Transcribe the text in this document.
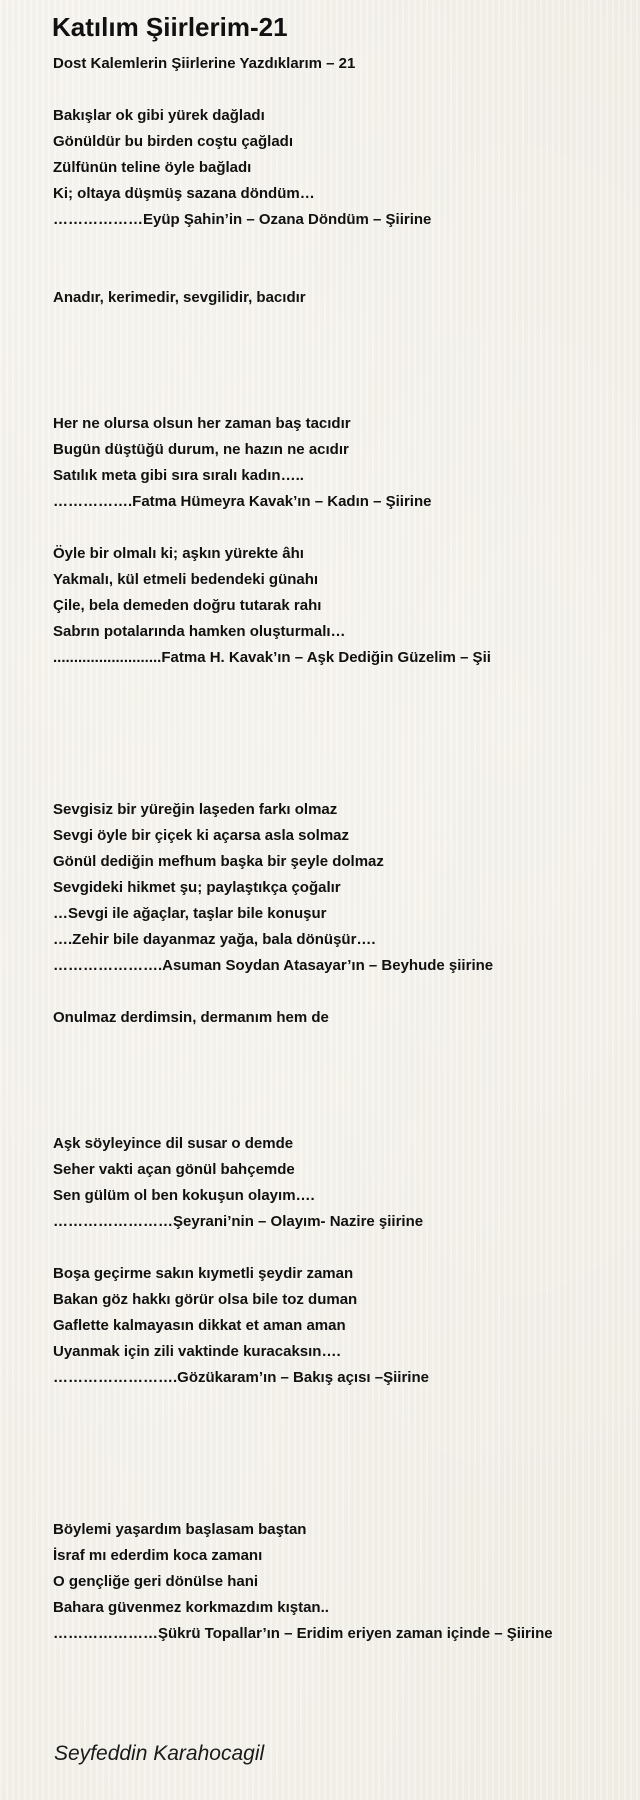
Katılım Şiirlerim-21
Dost Kalemlerin Şiirlerine Yazdıklarım – 21
Bakışlar ok gibi yürek dağladı
Gönüldür bu birden coştu çağladı
Zülfünün teline öyle bağladı
Ki; oltaya düşmüş sazana döndüm…
………………Eyüp Şahin’in – Ozana Döndüm – Şiirine
Anadır, kerimedir, sevgilidir, bacıdır
Her ne olursa olsun her zaman baş tacıdır
Bugün düştüğü durum, ne hazın ne acıdır
Satılık meta gibi sıra sıralı kadın…..
…………….Fatma Hümeyra Kavak’ın – Kadın – Şiirine
Öyle bir olmalı ki; aşkın yürekte âhı
Yakmalı, kül etmeli bedendeki günahı
Çile, bela demeden doğru tutarak rahı
Sabrın potalarında hamken oluşturmalı…
..........................Fatma H. Kavak’ın – Aşk Dediğin Güzelim – Şii
Sevgisiz bir yüreğin laşeden farkı olmaz
Sevgi öyle bir çiçek ki açarsa asla solmaz
Gönül dediğin mefhum başka bir şeyle dolmaz
Sevgideki hikmet şu; paylaştıkça çoğalır
…Sevgi ile ağaçlar, taşlar bile konuşur
….Zehir bile dayanmaz yağa, bala dönüşür….
………………….Asuman Soydan Atasayar’ın – Beyhude şiirine
Onulmaz derdimsin, dermanım hem de
Aşk söyleyince dil susar o demde
Seher vakti açan gönül bahçemde
Sen gülüm ol ben kokuşun olayım….
……………………Şeyrani’nin – Olayım- Nazire şiirine
Boşa geçirme sakın kıymetli şeydir zaman
Bakan göz hakkı görür olsa bile toz duman
Gaflette kalmayasın dikkat et aman aman
Uyanmak için zili vaktinde kuracaksın….
…………………….Gözükaram’ın – Bakış açısı –Şiirine
Böylemi yaşardım başlasam baştan
İsraf mı ederdim koca zamanı
O gençliğe geri dönülse hani
Bahara güvenmez korkmazdım kıştan..
…………………Şükrü Topallar’ın – Eridim eriyen zaman içinde – Şiirine
Seyfeddin Karahocagil
